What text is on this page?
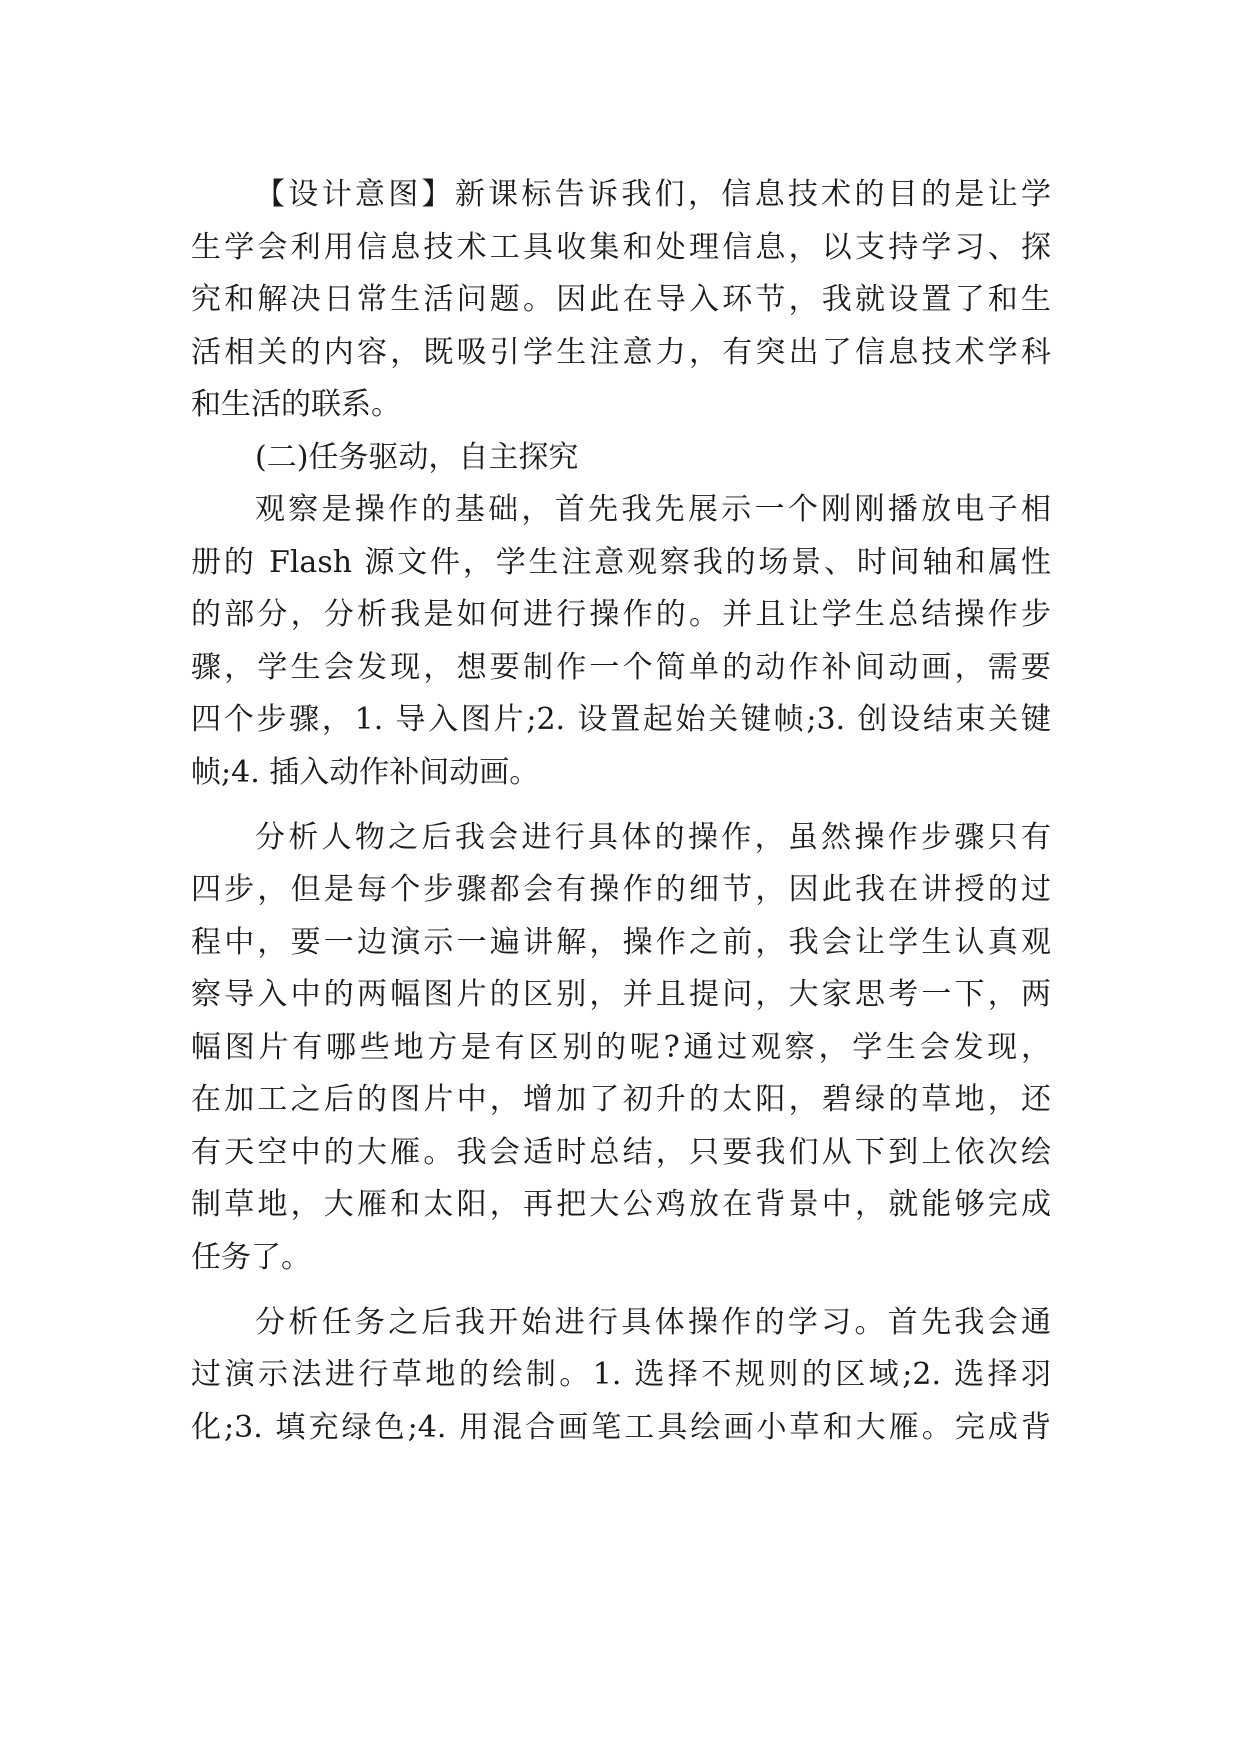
【设计意图】新课标告诉我们，信息技术的目的是让学
生学会利用信息技术工具收集和处理信息，以支持学习、探
究和解决日常生活问题。因此在导入环节，我就设置了和生
活相关的内容，既吸引学生注意力，有突出了信息技术学科
和生活的联系。
(二)任务驱动，自主探究
观察是操作的基础，首先我先展示一个刚刚播放电子相
册的 Flash 源文件，学生注意观察我的场景、时间轴和属性
的部分，分析我是如何进行操作的。并且让学生总结操作步
骤，学生会发现，想要制作一个简单的动作补间动画，需要
四个步骤，1. 导入图片;2. 设置起始关键帧;3. 创设结束关键
帧;4. 插入动作补间动画。
分析人物之后我会进行具体的操作，虽然操作步骤只有
四步，但是每个步骤都会有操作的细节，因此我在讲授的过
程中，要一边演示一遍讲解，操作之前，我会让学生认真观
察导入中的两幅图片的区别，并且提问，大家思考一下，两
幅图片有哪些地方是有区别的呢?通过观察，学生会发现，
在加工之后的图片中，增加了初升的太阳，碧绿的草地，还
有天空中的大雁。我会适时总结，只要我们从下到上依次绘
制草地，大雁和太阳，再把大公鸡放在背景中，就能够完成
任务了。
分析任务之后我开始进行具体操作的学习。首先我会通
过演示法进行草地的绘制。1. 选择不规则的区域;2. 选择羽
化;3. 填充绿色;4. 用混合画笔工具绘画小草和大雁。完成背
